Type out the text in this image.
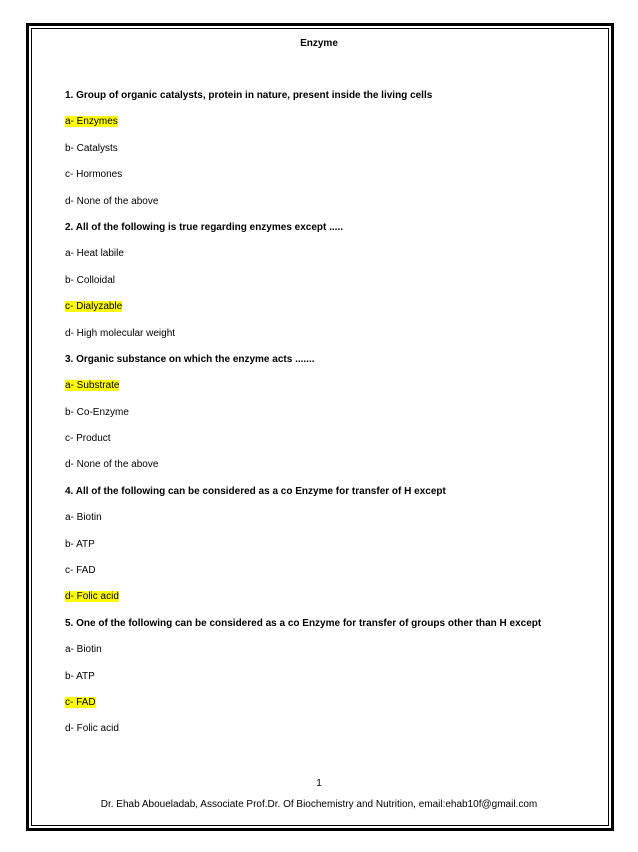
Enzyme
1. Group of organic catalysts, protein in nature, present inside the living cells
a- Enzymes
b- Catalysts
c- Hormones
d- None of the above
2. All of the following is true regarding enzymes except .....
a- Heat labile
b- Colloidal
c- Dialyzable
d- High molecular weight
3. Organic substance on which the enzyme acts .......
a- Substrate
b- Co-Enzyme
c- Product
d- None of the above
4. All of the following can be considered as a co Enzyme for transfer of H except
a- Biotin
b- ATP
c- FAD
d- Folic acid
5. One of the following can be considered as a co Enzyme for transfer of groups other than H except
a- Biotin
b- ATP
c- FAD
d- Folic acid
1
Dr. Ehab Aboueladab, Associate Prof.Dr. Of Biochemistry and Nutrition, email:ehab10f@gmail.com
